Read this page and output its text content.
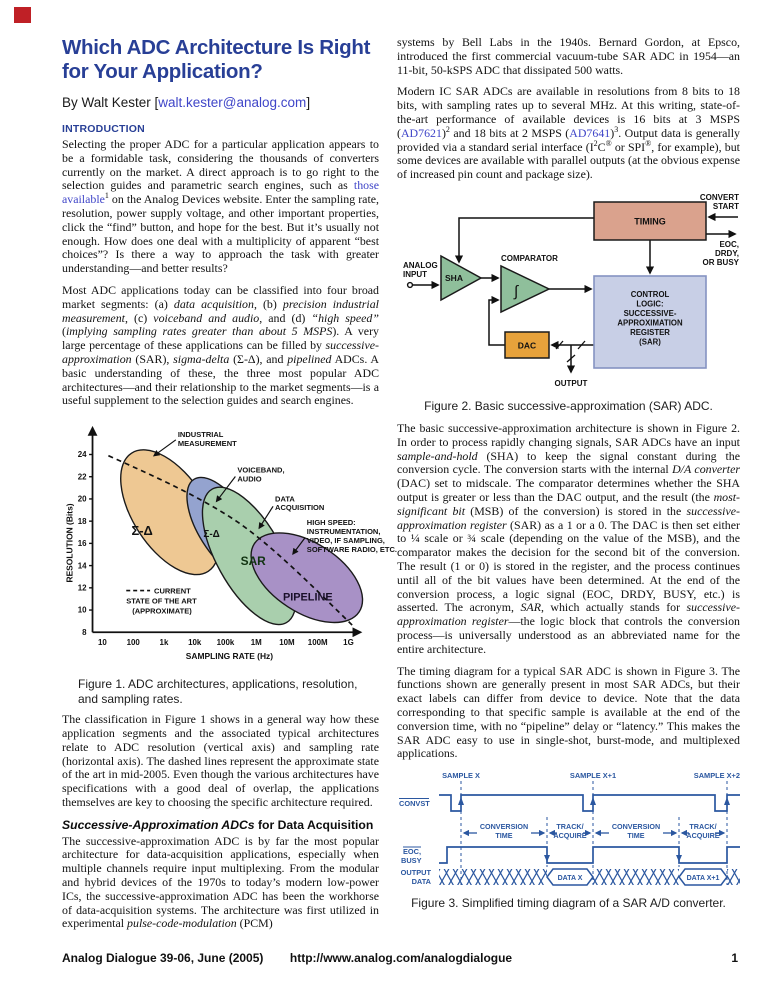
Which ADC Architecture Is Right
for Your Application?
By Walt Kester [walt.kester@analog.com]
INTRODUCTION

Selecting the proper ADC for a particular application appears to be a formidable task, considering the thousands of converters currently on the market. A direct approach is to go right to the selection guides and parametric search engines, such as those available$^1$ on the Analog Devices website. Enter the sampling rate, resolution, power supply voltage, and other important properties, click the “find” button, and hope for the best. But it’s usually not enough. How does one deal with a multiplicity of apparent “best choices”? Is there a way to approach the task with greater understanding—and better results?

Most ADC applications today can be classified into four broad market segments: (a) data acquisition, (b) precision industrial measurement, (c) voiceband and audio, and (d) “high speed” (implying sampling rates greater than about 5 MSPS). A very large percentage of these applications can be filled by successive-approximation (SAR), sigma-delta (Σ-Δ), and pipelined ADCs. A basic understanding of these, the three most popular ADC architectures—and their relationship to the market segments—is a useful supplement to the selection guides and search engines.

24
22
20
18
16
14
12
10
8
10 100 1k 10k 100k 1M 10M 100M 1G
SAMPLING RATE (Hz)
RESOLUTION (Bits)	Σ-Δ	Σ-Δ
SAR
PIPELINE
INDUSTRIAL
MEASUREMENT
VOICEBAND,
AUDIO
DATA
ACQUISITION
HIGH SPEED:
INSTRUMENTATION,
VIDEO, IF SAMPLING,
SOFTWARE RADIO, ETC.
CURRENT
STATE OF THE ART
(APPROXIMATE)
Figure 1. ADC architectures, applications, resolution, and sampling rates.

The classification in Figure 1 shows in a general way how these application segments and the associated typical architectures relate to ADC resolution (vertical axis) and sampling rate (horizontal axis). The dashed lines represent the approximate state of the art in mid-2005. Even though the various architectures have specifications with a good deal of overlap, the applications themselves are key to choosing the specific architecture required.

Successive-Approximation ADCs for Data Acquisition

The successive-approximation ADC is by far the most popular architecture for data-acquisition applications, especially when multiple channels require input multiplexing. From the modular and hybrid devices of the 1970s to today’s modern low-power ICs, the successive-approximation ADC has been the workhorse of data-acquisition systems. The architecture was first utilized in experimental pulse-code-modulation (PCM)

systems by Bell Labs in the 1940s. Bernard Gordon, at Epsco, introduced the first commercial vacuum-tube SAR ADC in 1954—an 11-bit, 50-kSPS ADC that dissipated 500 watts.

Modern IC SAR ADCs are available in resolutions from 8 bits to 18 bits, with sampling rates up to several MHz. At this writing, state-of-the-art performance of available devices is 16 bits at 3 MSPS $(AD7621)^2$ and 18 bits at 2 MSPS $(AD7641)^3$. Output data is generally provided via a standard serial interface ($I^2C®$ or SPI®, for example), but some devices are available with parallel outputs (at the obvious expense of increased pin count and package size).

TIMING
CONTROL
LOGIC:
SUCCESSIVE-
APPROXIMATION
REGISTER
(SAR)
SHA
∫
COMPARATOR
DAC
CONVERT
START
EOC,
DRDY,
OR BUSY
ANALOG
INPUT
OUTPUT
Figure 2. Basic successive-approximation (SAR) ADC.

The basic successive-approximation architecture is shown in Figure 2. In order to process rapidly changing signals, SAR ADCs have an input sample-and-hold (SHA) to keep the signal constant during the conversion cycle. The conversion starts with the internal D/A converter (DAC) set to midscale. The comparator determines whether the SHA output is greater or less than the DAC output, and the result (the most-significant bit (MSB) of the conversion) is stored in the successive-approximation register (SAR) as a 1 or a 0. The DAC is then set either to ¼ scale or ¾ scale (depending on the value of the MSB), and the comparator makes the decision for the second bit of the conversion. The result (1 or 0) is stored in the register, and the process continues until all of the bit values have been determined. At the end of the conversion process, a logic signal (EOC, DRDY, BUSY, etc.) is asserted. The acronym, SAR, which actually stands for successive-approximation register—the logic block that controls the conversion process—is universally understood as an abbreviated name for the entire architecture.

The timing diagram for a typical SAR ADC is shown in Figure 3. The functions shown are generally present in most SAR ADCs, but their exact labels can differ from device to device. Note that the data corresponding to that specific sample is available at the end of the conversion time, with no “pipeline” delay or “latency.” This makes the SAR ADC easy to use in single-shot, burst-mode, and multiplexed applications.

SAMPLE X	SAMPLE X+1	SAMPLE X+2
CONVST
CONVERSION
TIME
TRACK/
ACQUIRE
CONVERSION
TIME
TRACK/
ACQUIRE
EOC,
BUSY
OUTPUT
DATA	DATA X	DATA X+1
Figure 3. Simplified timing diagram of a SAR A/D converter.
Analog Dialogue 39-06, June (2005)	http://www.analog.com/analogdialogue	1
